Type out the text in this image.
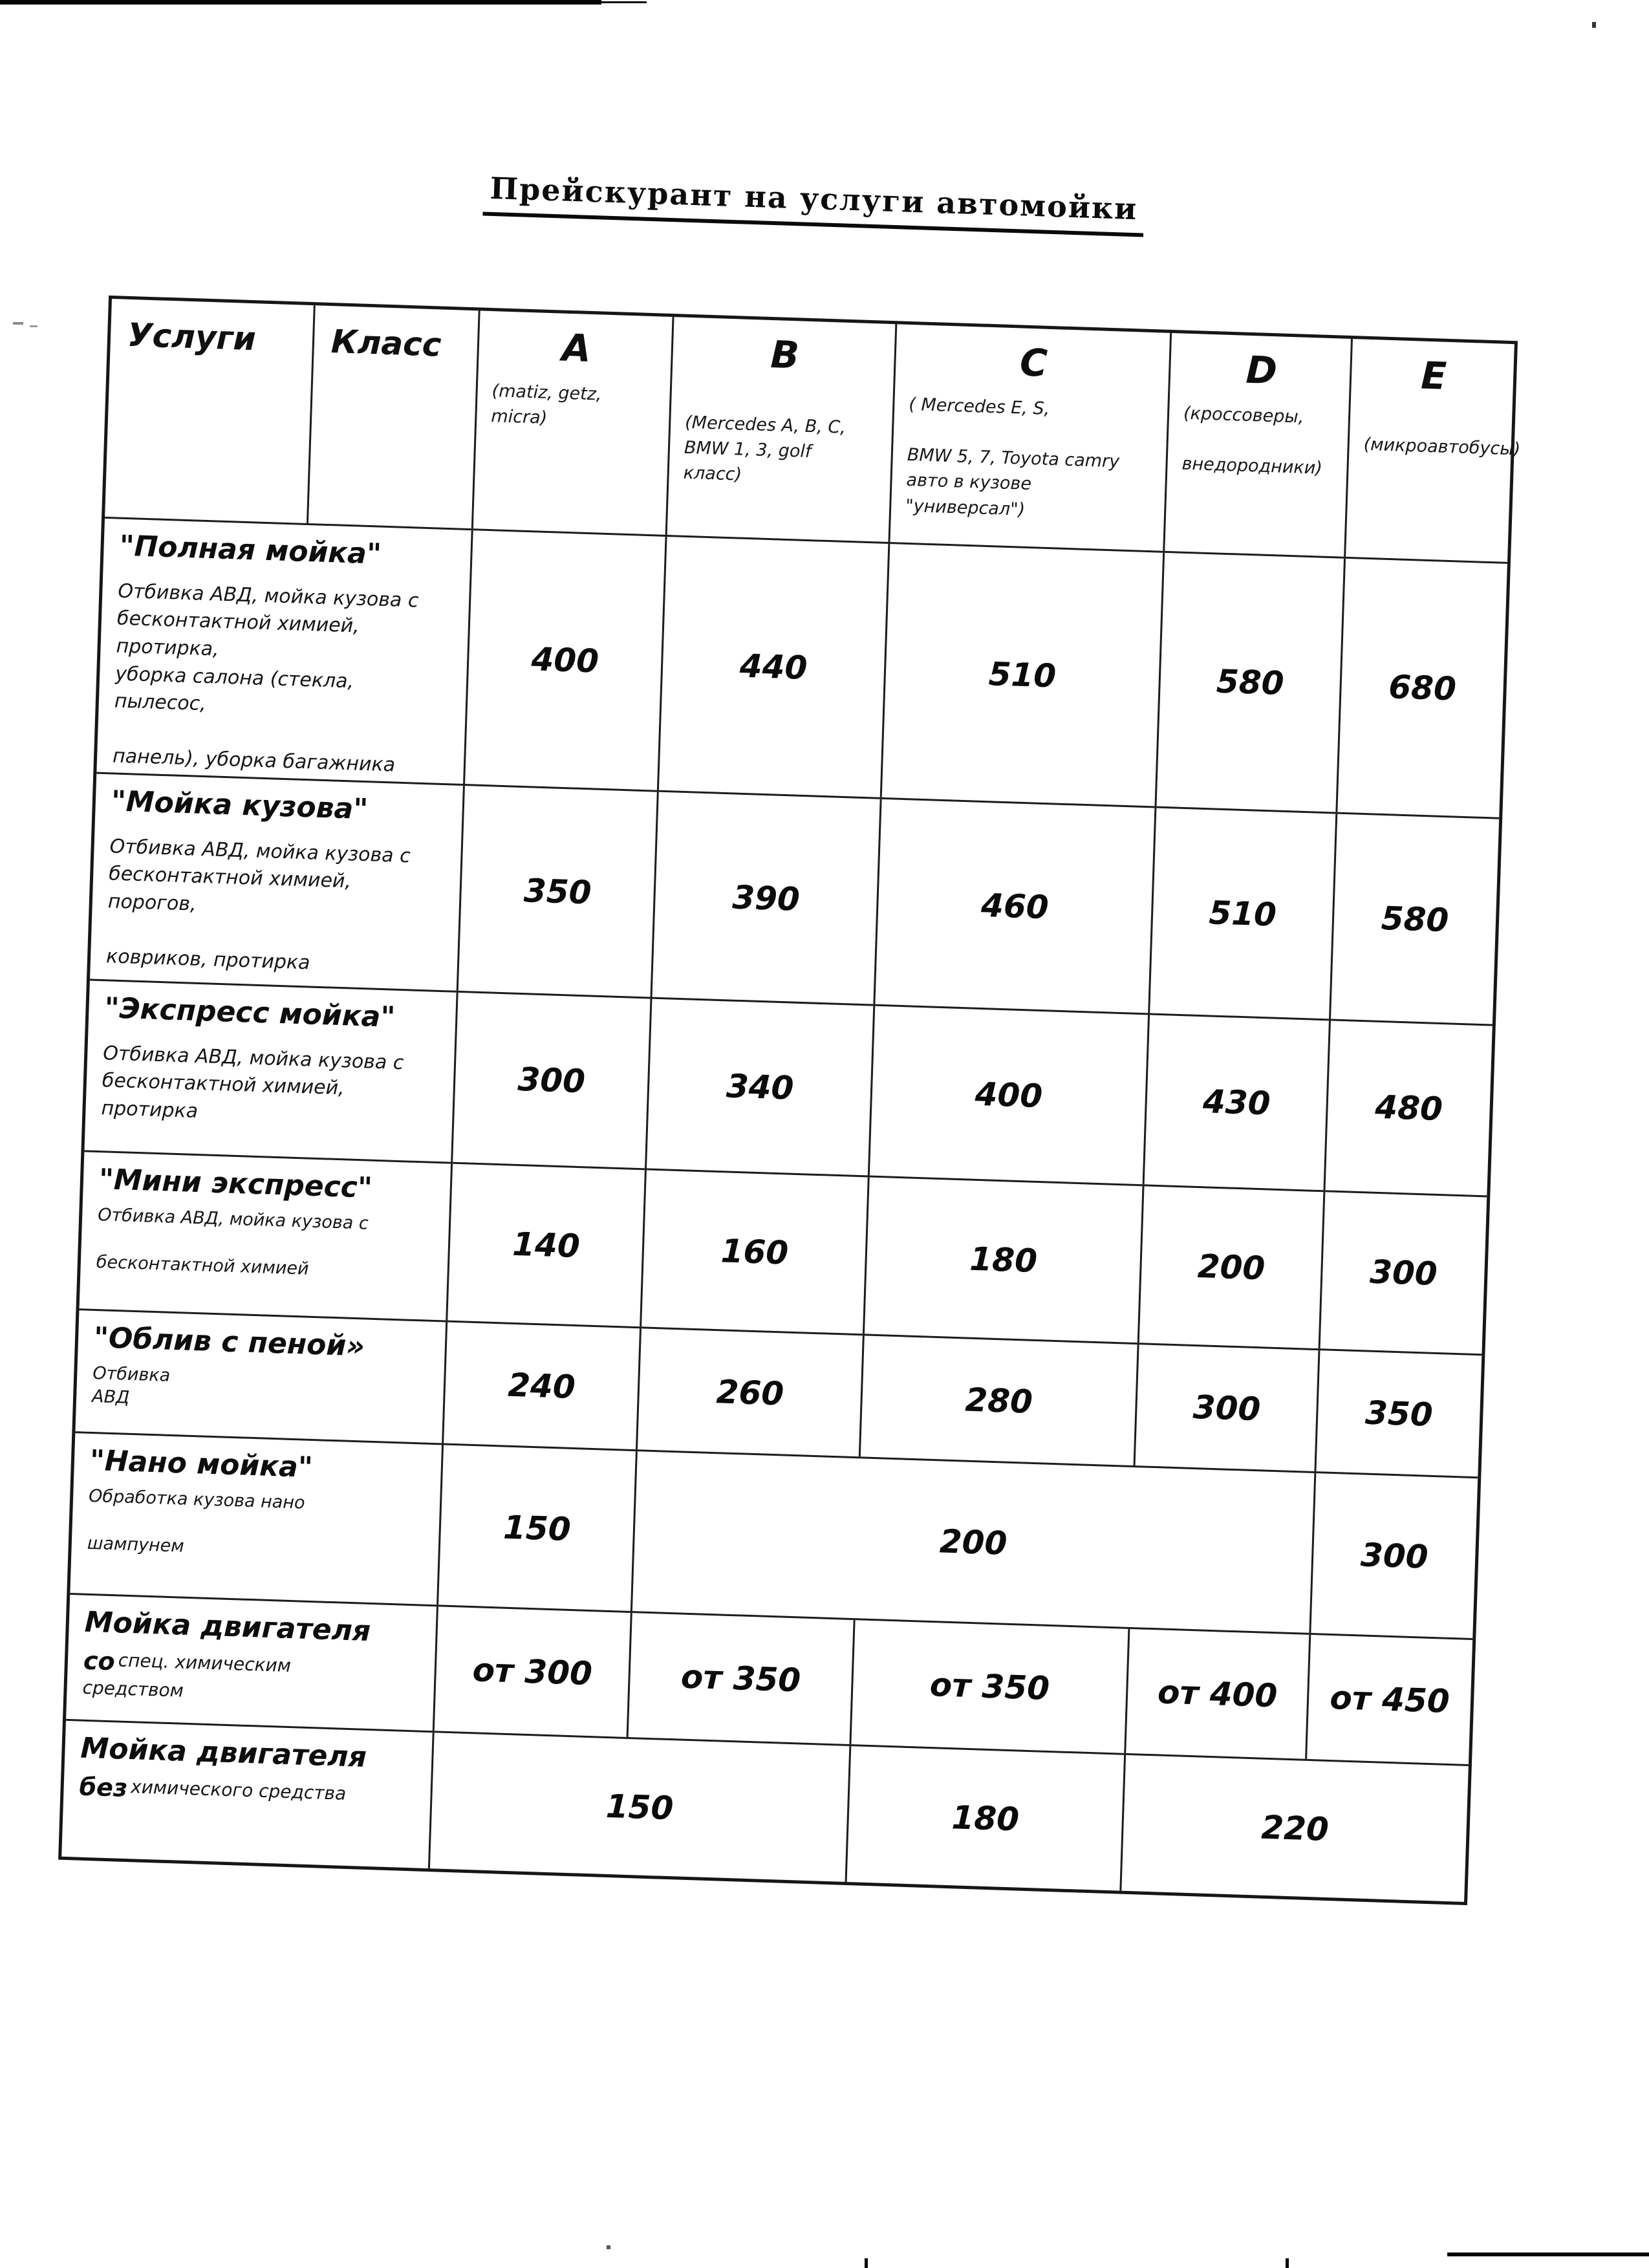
Прейскурант на услуги автомойки
Услуги	Класс	A
(matiz, getz,
micra)
B

(Mercedes A, B, C,
BMW 1, 3, golf
класс)
C
( Mercedes E, S,

BMW 5, 7, Toyota camry
авто в кузове
"универсал")
D
(кроссоверы,

внедородники)
E

(микроавтобусы)
"Полная мойка"
Отбивка АВД, мойка кузова с
бесконтактной химией,
протирка,
уборка салона (стекла,
пылесос,

панель), уборка багажника
400	440	510	580	680
"Мойка кузова"
Отбивка АВД, мойка кузова с
бесконтактной химией,
порогов,

ковриков, протирка
350	390	460	510	580
"Экспресс мойка"
Отбивка АВД, мойка кузова с
бесконтактной химией,
протирка
300	340	400	430	480
"Мини экспресс"
Отбивка АВД, мойка кузова с

бесконтактной химией
140	160	180	200	300
"Облив с пеной»
Отбивка
АВД	240	260	280	300	350
"Нано мойка"
Обработка кузова нано

шампунем	150	200	300
Мойка двигателя
со спец. химическим
средством	от 300	от 350	от 350	от 400	от 450
Мойка двигателя
без химического средства	150	180	220
